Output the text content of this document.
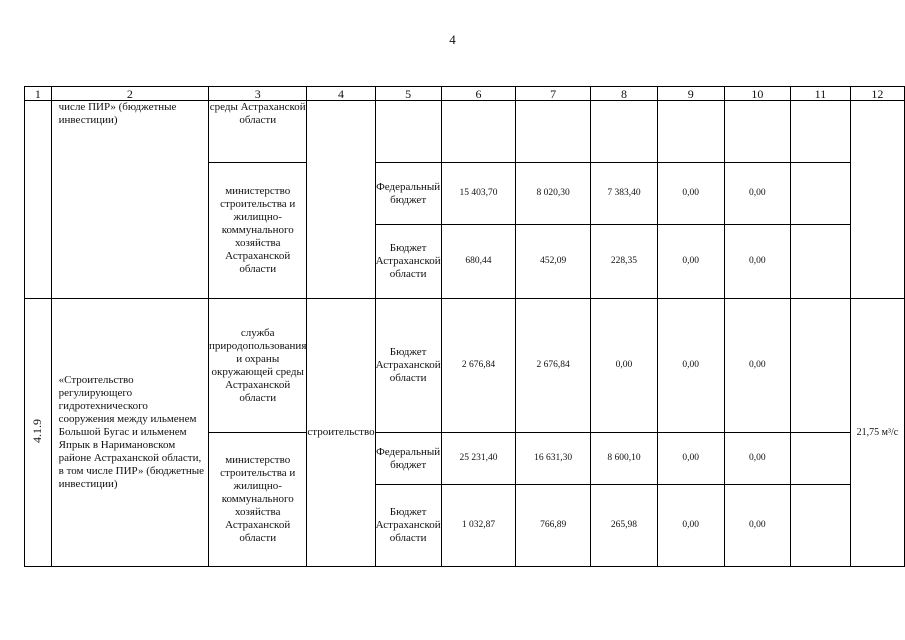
4
1	2	3	4	5	6	7	8	9	10	11	12
	числе ПИР» (бюджетные инвестиции)	среды Астраханской области									
		министерство строительства и жилищно-коммунального хозяйства Астраханской области		Федеральный бюджет	15 403,70	8 020,30	7 383,40	0,00	0,00		
				Бюджет Астраханской области	680,44	452,09	228,35	0,00	0,00		
4.1.9	«Строительство регулирующего гидротехнического сооружения между ильменем Большой Бугас и ильменем Япрык в Наримановском районе Астраханской области, в том числе ПИР» (бюджетные инвестиции)	служба природопользования и охраны окружающей среды Астраханской области	строительство	Бюджет Астраханской области	2 676,84	2 676,84	0,00	0,00	0,00		21,75 м³/с
		министерство строительства и жилищно-коммунального хозяйства Астраханской области		Федеральный бюджет	25 231,40	16 631,30	8 600,10	0,00	0,00		
				Бюджет Астраханской области	1 032,87	766,89	265,98	0,00	0,00		
